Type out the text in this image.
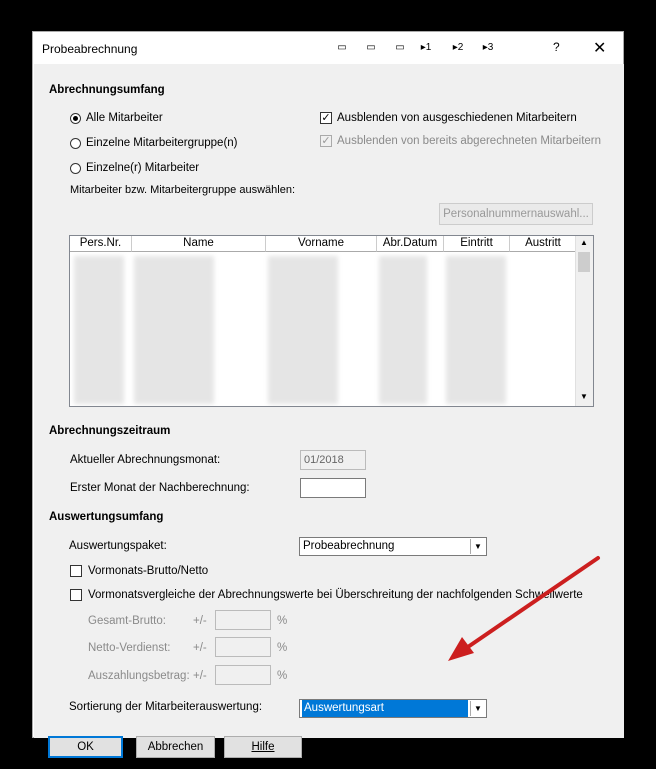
Probeabrechnung	▭ ▭ ▭ ▸1 ▸2 ▸3	? ✕
Abrechnungsumfang
Alle Mitarbeiter
Einzelne Mitarbeitergruppe(n)
Einzelne(r) Mitarbeiter
✓ Ausblenden von ausgeschiedenen Mitarbeitern
✓ Ausblenden von bereits abgerechneten Mitarbeitern
Mitarbeiter bzw. Mitarbeitergruppe auswählen:
Personalnummernauswahl...
Pers.Nr.	Name	Vorname	Abr.Datum	Eintritt	Austritt	▲
▼
Abrechnungszeitraum
Aktueller Abrechnungsmonat:	01/2018
Erster Monat der Nachberechnung:
Auswertungsumfang
Auswertungspaket:	Probeabrechnung	▼
Vormonats-Brutto/Netto
Vormonatsvergleiche der Abrechnungswerte bei Überschreitung der nachfolgenden Schwellwerte
Gesamt-Brutto: +/-	%
Netto-Verdienst: +/-	%
Auszahlungsbetrag: +/-	%
Sortierung der Mitarbeiterauswertung:	Auswertungsart	▼
OK	Abbrechen	Hilfe
